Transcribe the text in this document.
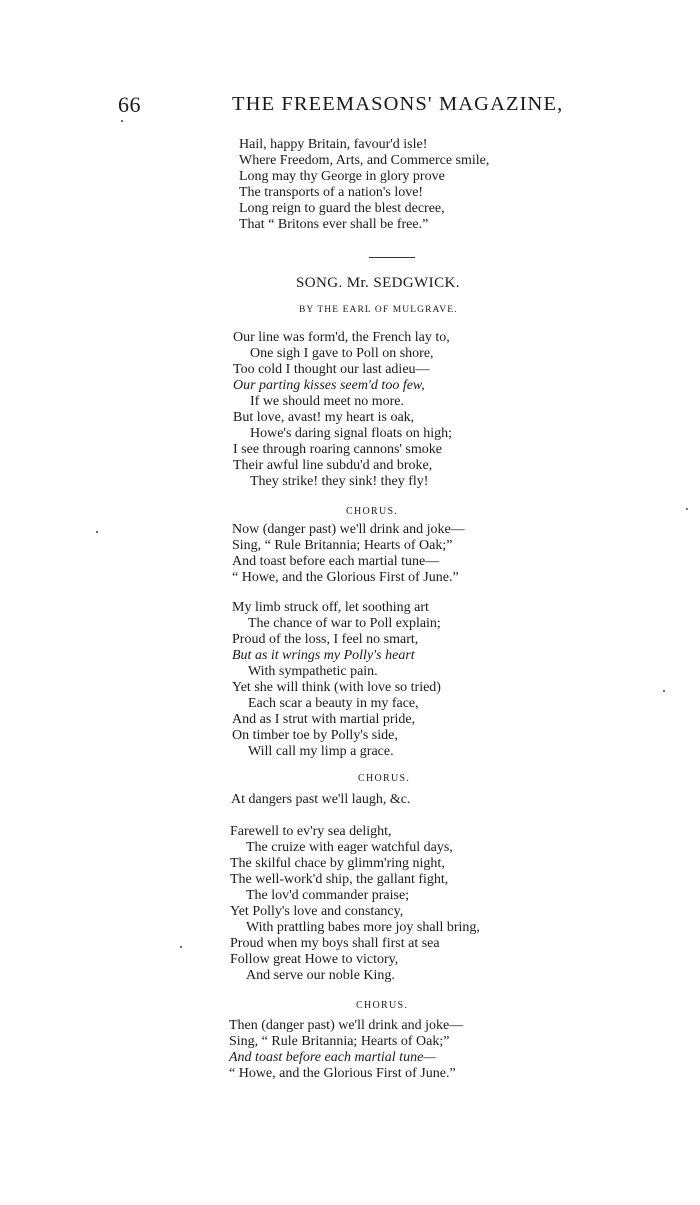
66	THE FREEMASONS' MAGAZINE,
Hail, happy Britain, favour'd isle!
Where Freedom, Arts, and Commerce smile,
Long may thy George in glory prove
The transports of a nation's love!
Long reign to guard the blest decree,
That “ Britons ever shall be free.”
SONG. Mr. SEDGWICK.
BY THE EARL OF MULGRAVE.
Our line was form'd, the French lay to,
One sigh I gave to Poll on shore,
Too cold I thought our last adieu—
Our parting kisses seem'd too few,
If we should meet no more.
But love, avast! my heart is oak,
Howe's daring signal floats on high;
I see through roaring cannons' smoke
Their awful line subdu'd and broke,
They strike! they sink! they fly!
CHORUS.
Now (danger past) we'll drink and joke—
Sing, “ Rule Britannia; Hearts of Oak;”
And toast before each martial tune—
“ Howe, and the Glorious First of June.”
My limb struck off, let soothing art
The chance of war to Poll explain;
Proud of the loss, I feel no smart,
But as it wrings my Polly's heart
With sympathetic pain.
Yet she will think (with love so tried)
Each scar a beauty in my face,
And as I strut with martial pride,
On timber toe by Polly's side,
Will call my limp a grace.
CHORUS.
At dangers past we'll laugh, &c.
Farewell to ev'ry sea delight,
The cruize with eager watchful days,
The skilful chace by glimm'ring night,
The well-work'd ship, the gallant fight,
The lov'd commander praise;
Yet Polly's love and constancy,
With prattling babes more joy shall bring,
Proud when my boys shall first at sea
Follow great Howe to victory,
And serve our noble King.
CHORUS.
Then (danger past) we'll drink and joke—
Sing, “ Rule Britannia; Hearts of Oak;”
And toast before each martial tune—
“ Howe, and the Glorious First of June.”
